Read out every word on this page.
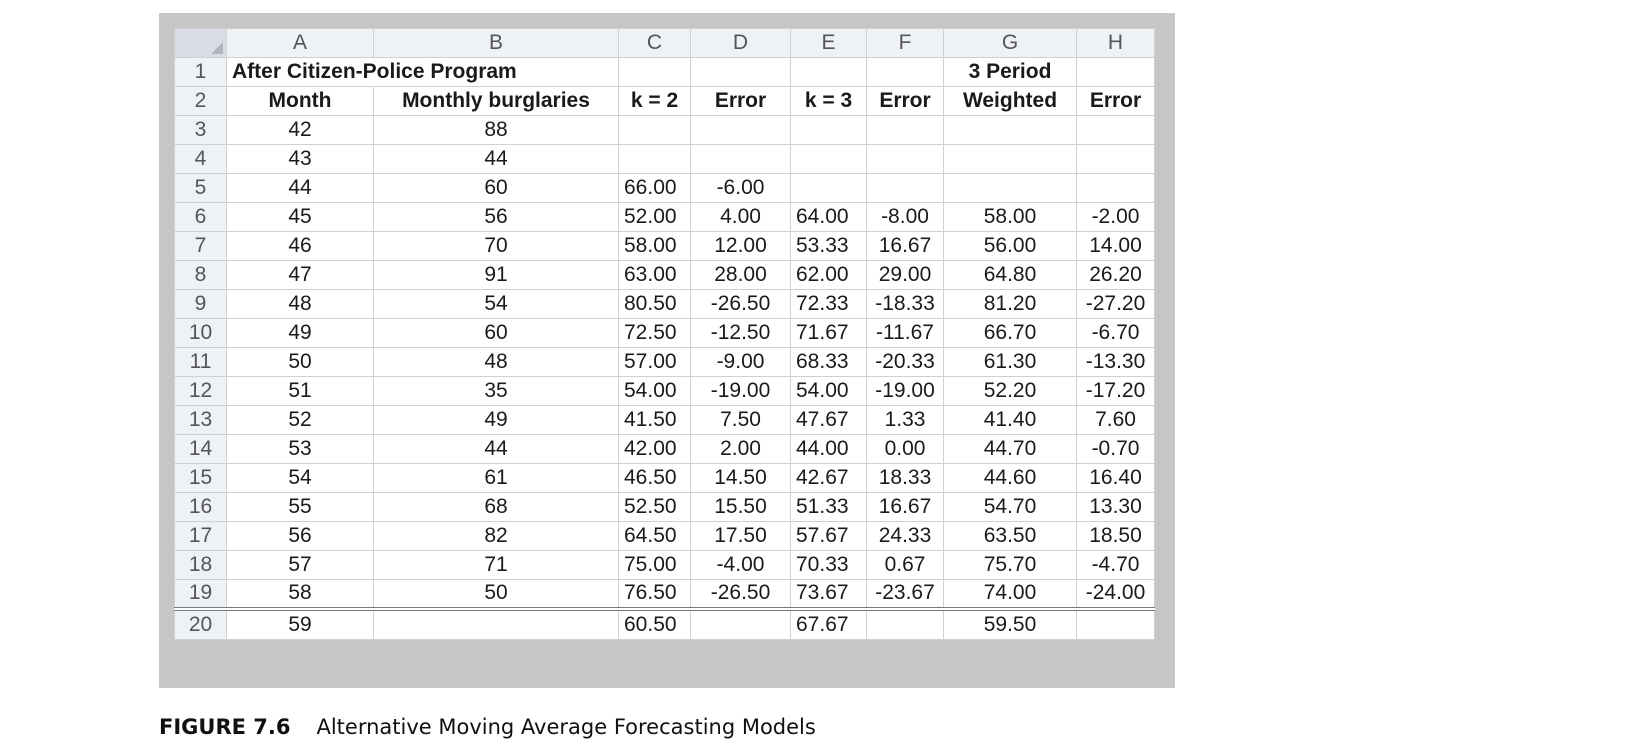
	A	B	C	D	E	F	G	H
1	After Citizen-Police Program						3 Period	
2	Month	Monthly burglaries	k = 2	Error	k = 3	Error	Weighted	Error
3	42	88						
4	43	44						
5	44	60	66.00	-6.00				
6	45	56	52.00	4.00	64.00	-8.00	58.00	-2.00
7	46	70	58.00	12.00	53.33	16.67	56.00	14.00
8	47	91	63.00	28.00	62.00	29.00	64.80	26.20
9	48	54	80.50	-26.50	72.33	-18.33	81.20	-27.20
10	49	60	72.50	-12.50	71.67	-11.67	66.70	-6.70
11	50	48	57.00	-9.00	68.33	-20.33	61.30	-13.30
12	51	35	54.00	-19.00	54.00	-19.00	52.20	-17.20
13	52	49	41.50	7.50	47.67	1.33	41.40	7.60
14	53	44	42.00	2.00	44.00	0.00	44.70	-0.70
15	54	61	46.50	14.50	42.67	18.33	44.60	16.40
16	55	68	52.50	15.50	51.33	16.67	54.70	13.30
17	56	82	64.50	17.50	57.67	24.33	63.50	18.50
18	57	71	75.00	-4.00	70.33	0.67	75.70	-4.70
19	58	50	76.50	-26.50	73.67	-23.67	74.00	-24.00
20	59		60.50		67.67		59.50	
FIGURE 7.6 Alternative Moving Average Forecasting Models
